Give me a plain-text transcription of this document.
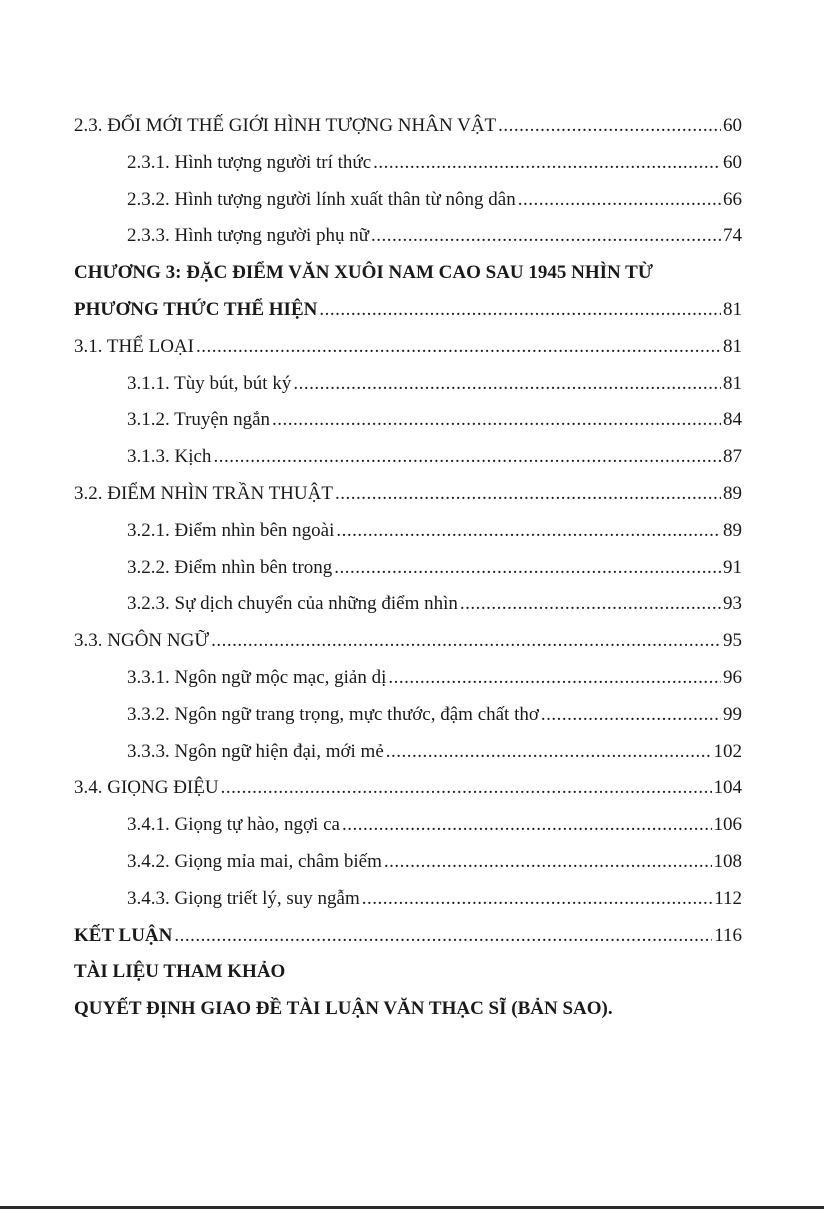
2.3. ĐỔI MỚI THẾ GIỚI HÌNH TƯỢNG NHÂN VẬT .....	60
2.3.1. Hình tượng người trí thức .....	60
2.3.2. Hình tượng người lính xuất thân từ nông dân .....	66
2.3.3. Hình tượng người phụ nữ .....	74
CHƯƠNG 3: ĐẶC ĐIỂM VĂN XUÔI NAM CAO SAU 1945 NHÌN TỪ
PHƯƠNG THỨC THỂ HIỆN .....	81
3.1. THỂ LOẠI .....	81
3.1.1. Tùy bút, bút ký .....	81
3.1.2. Truyện ngắn .....	84
3.1.3. Kịch .....	87
3.2. ĐIỂM NHÌN TRẦN THUẬT .....	89
3.2.1. Điểm nhìn bên ngoài .....	89
3.2.2. Điểm nhìn bên trong .....	91
3.2.3. Sự dịch chuyển của những điểm nhìn .....	93
3.3. NGÔN NGỮ .....	95
3.3.1. Ngôn ngữ mộc mạc, giản dị .....	96
3.3.2. Ngôn ngữ trang trọng, mực thước, đậm chất thơ .....	99
3.3.3. Ngôn ngữ hiện đại, mới mẻ .....	102
3.4. GIỌNG ĐIỆU .....	104
3.4.1. Giọng tự hào, ngợi ca .....	106
3.4.2. Giọng mỉa mai, châm biếm .....	108
3.4.3. Giọng triết lý, suy ngẫm .....	112
KẾT LUẬN .....	116
TÀI LIỆU THAM KHẢO
QUYẾT ĐỊNH GIAO ĐỀ TÀI LUẬN VĂN THẠC SĨ (BẢN SAO).
